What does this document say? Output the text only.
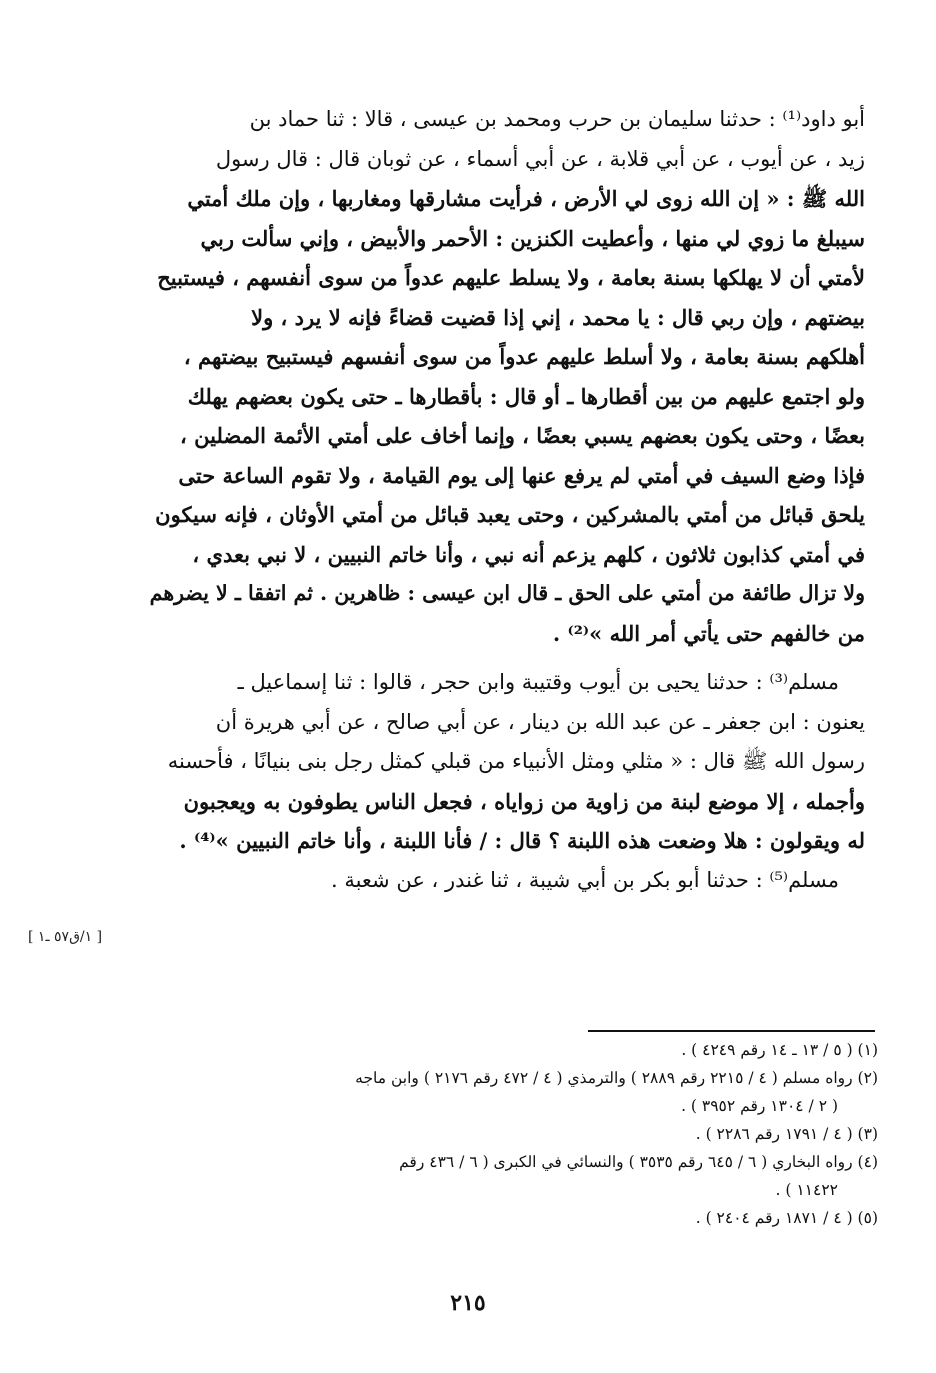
أبو داود⁽¹⁾ : حدثنا سليمان بن حرب ومحمد بن عيسى ، قالا : ثنا حماد بن
زيد ، عن أيوب ، عن أبي قلابة ، عن أبي أسماء ، عن ثوبان قال : قال رسول
الله ﷺ : « إن الله زوى لي الأرض ، فرأيت مشارقها ومغاربها ، وإن ملك أمتي
سيبلغ ما زوي لي منها ، وأعطيت الكنزين : الأحمر والأبيض ، وإني سألت ربي
لأمتي أن لا يهلكها بسنة بعامة ، ولا يسلط عليهم عدواً من سوى أنفسهم ، فيستبيح
بيضتهم ، وإن ربي قال : يا محمد ، إني إذا قضيت قضاءً فإنه لا يرد ، ولا
أهلكهم بسنة بعامة ، ولا أسلط عليهم عدواً من سوى أنفسهم فيستبيح بيضتهم ،
ولو اجتمع عليهم من بين أقطارها ـ أو قال : بأقطارها ـ حتى يكون بعضهم يهلك
بعضًا ، وحتى يكون بعضهم يسبي بعضًا ، وإنما أخاف على أمتي الأئمة المضلين ،
فإذا وضع السيف في أمتي لم يرفع عنها إلى يوم القيامة ، ولا تقوم الساعة حتى
يلحق قبائل من أمتي بالمشركين ، وحتى يعبد قبائل من أمتي الأوثان ، فإنه سيكون
في أمتي كذابون ثلاثون ، كلهم يزعم أنه نبي ، وأنا خاتم النبيين ، لا نبي بعدي ،
ولا تزال طائفة من أمتي على الحق ـ قال ابن عيسى : ظاهرين . ثم اتفقا ـ لا يضرهم
من خالفهم حتى يأتي أمر الله »⁽²⁾ .
مسلم⁽³⁾ : حدثنا يحيى بن أيوب وقتيبة وابن حجر ، قالوا : ثنا إسماعيل ـ
يعنون : ابن جعفر ـ عن عبد الله بن دينار ، عن أبي صالح ، عن أبي هريرة أن
رسول الله ﷺ قال : « مثلي ومثل الأنبياء من قبلي كمثل رجل بنى بنيانًا ، فأحسنه
وأجمله ، إلا موضع لبنة من زاوية من زواياه ، فجعل الناس يطوفون به ويعجبون
له ويقولون : هلا وضعت هذه اللبنة ؟ قال : / فأنا اللبنة ، وأنا خاتم النبيين »⁽⁴⁾ .
مسلم⁽⁵⁾ : حدثنا أبو بكر بن أبي شيبة ، ثنا غندر ، عن شعبة .
[ ١/ق٥٧ ـ١ ]
(١) ( ٥ / ١٣ ـ ١٤ رقم ٤٢٤٩ ) .
(٢) رواه مسلم ( ٤ / ٢٢١٥ رقم ٢٨٨٩ ) والترمذي ( ٤ / ٤٧٢ رقم ٢١٧٦ ) وابن ماجه
( ٢ / ١٣٠٤ رقم ٣٩٥٢ ) .
(٣) ( ٤ / ١٧٩١ رقم ٢٢٨٦ ) .
(٤) رواه البخاري ( ٦ / ٦٤٥ رقم ٣٥٣٥ ) والنسائي في الكبرى ( ٦ / ٤٣٦ رقم
١١٤٢٢ ) .
(٥) ( ٤ / ١٨٧١ رقم ٢٤٠٤ ) .
٢١٥
